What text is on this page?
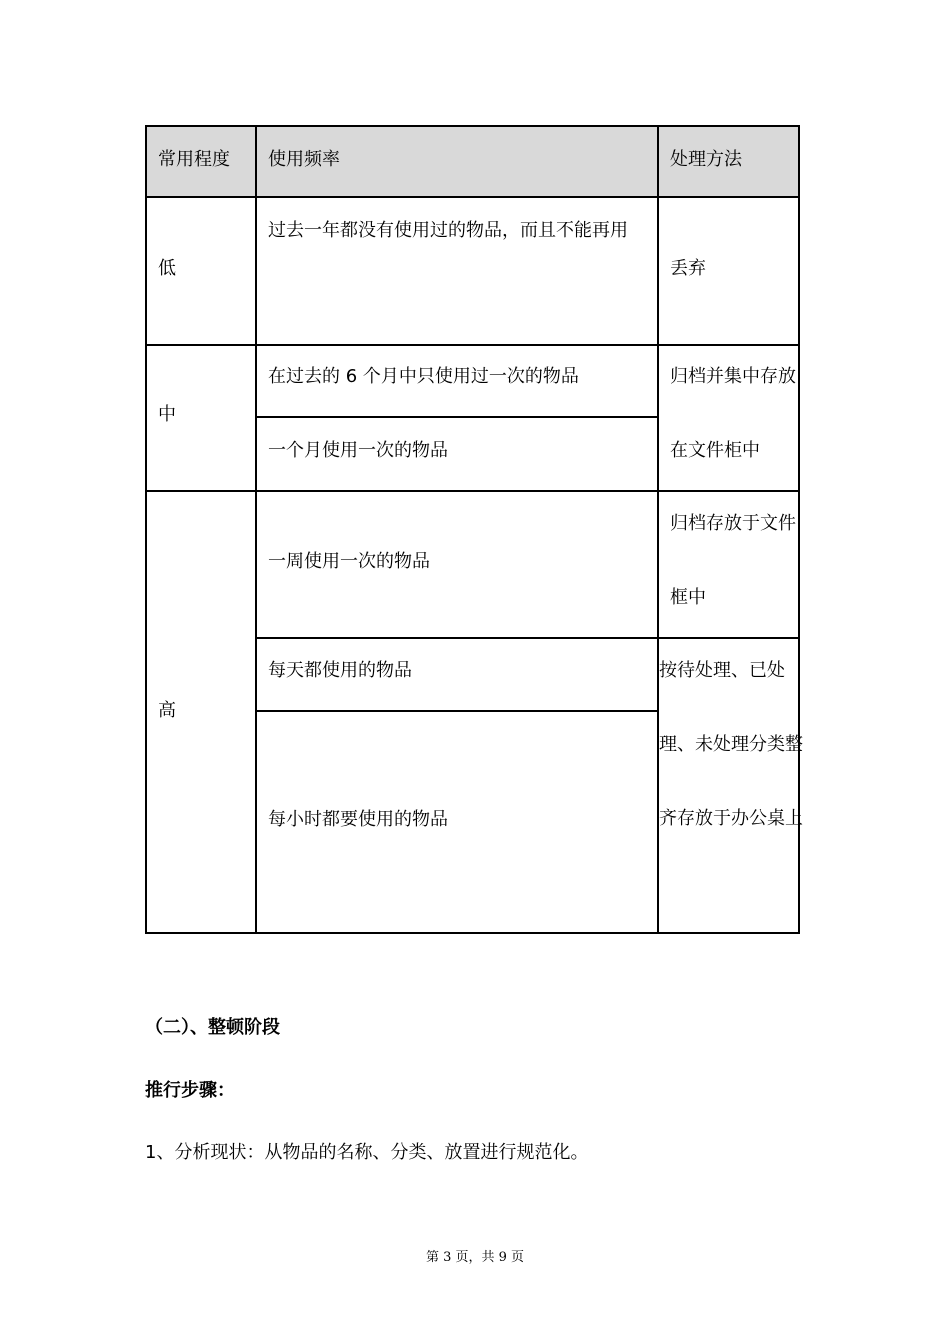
常用程度 使用频率	处理方法
低
过去一年都没有使用过的物品，而且不能再用
丢弃
中
在过去的 6 个月中只使用过一次的物品
一个月使用一次的物品
归档并集中存放在文件柜中
高
一周使用一次的物品
每天都使用的物品
每小时都要使用的物品
归档存放于文件框中
按待处理、已处理、未处理分类整齐存放于办公桌上
（二）、整顿阶段
推行步骤：
1、分析现状：从物品的名称、分类、放置进行规范化。
第 3 页，共 9 页
